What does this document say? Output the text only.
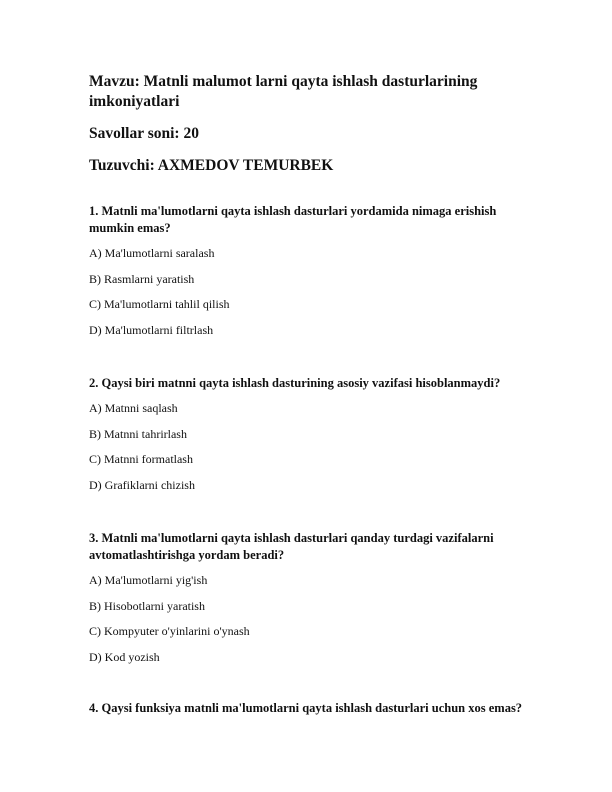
Mavzu: Matnli malumot larni qayta ishlash dasturlarining imkoniyatlari

Savollar soni: 20

Tuzuvchi: AXMEDOV TEMURBEK

1. Matnli ma'lumotlarni qayta ishlash dasturlari yordamida nimaga erishish mumkin emas?

A) Ma'lumotlarni saralash

B) Rasmlarni yaratish

C) Ma'lumotlarni tahlil qilish

D) Ma'lumotlarni filtrlash

2. Qaysi biri matnni qayta ishlash dasturining asosiy vazifasi hisoblanmaydi?

A) Matnni saqlash

B) Matnni tahrirlash

C) Matnni formatlash

D) Grafiklarni chizish

3. Matnli ma'lumotlarni qayta ishlash dasturlari qanday turdagi vazifalarni avtomatlashtirishga yordam beradi?

A) Ma'lumotlarni yig'ish

B) Hisobotlarni yaratish

C) Kompyuter o'yinlarini o'ynash

D) Kod yozish

4. Qaysi funksiya matnli ma'lumotlarni qayta ishlash dasturlari uchun xos emas?
